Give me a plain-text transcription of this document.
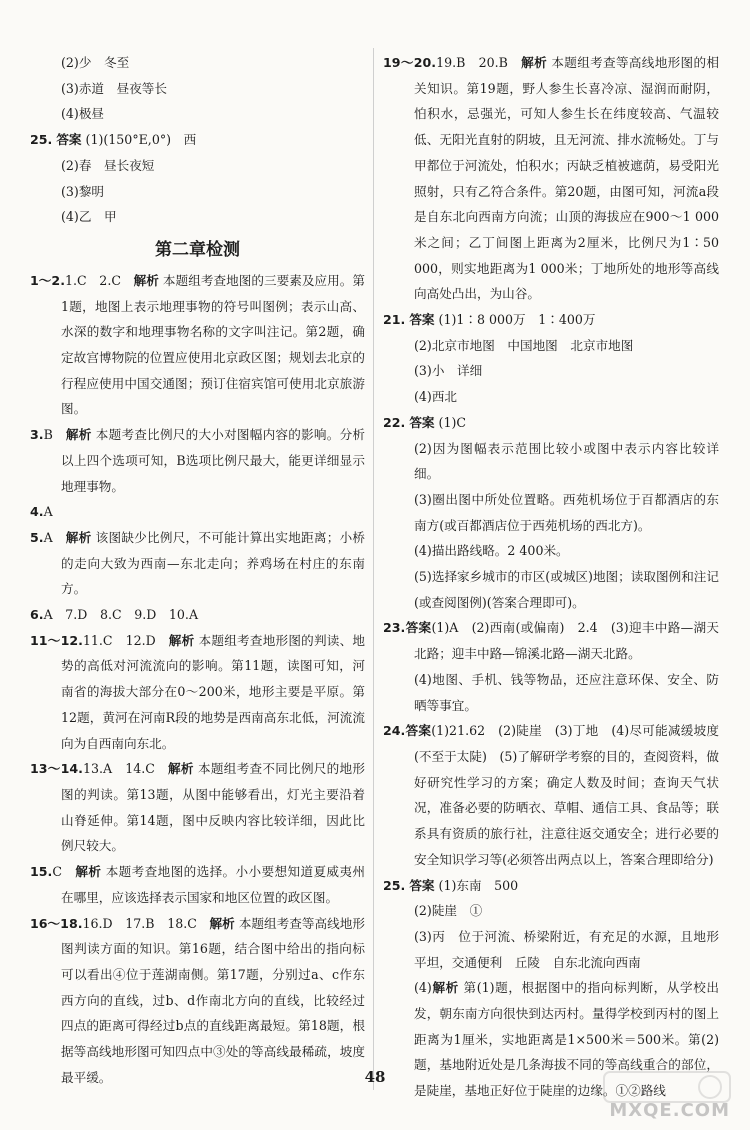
(2)少　冬至
(3)赤道　昼夜等长
(4)极昼
25. 答案 (1)(150°E,0°)　西
(2)春　昼长夜短
(3)黎明
(4)乙　甲
第二章检测
1～2.1.C　2.C　解析 本题组考查地图的三要素及应用。第1题，地图上表示地理事物的符号叫图例；表示山高、水深的数字和地理事物名称的文字叫注记。第2题，确定故宫博物院的位置应使用北京政区图；规划去北京的行程应使用中国交通图；预订住宿宾馆可使用北京旅游图。
3.B　解析 本题考查比例尺的大小对图幅内容的影响。分析以上四个选项可知，B选项比例尺最大，能更详细显示地理事物。
4.A
5.A　解析 该图缺少比例尺，不可能计算出实地距离；小桥的走向大致为西南—东北走向；养鸡场在村庄的东南方。
6.A　7.D　8.C　9.D　10.A
11～12.11.C　12.D　解析 本题组考查地形图的判读、地势的高低对河流流向的影响。第11题，读图可知，河南省的海拔大部分在0～200米，地形主要是平原。第12题，黄河在河南R段的地势是西南高东北低，河流流向为自西南向东北。
13～14.13.A　14.C　解析 本题组考查不同比例尺的地形图的判读。第13题，从图中能够看出，灯光主要沿着山脊延伸。第14题，图中反映内容比较详细，因此比例尺较大。
15.C　解析 本题考查地图的选择。小小要想知道夏威夷州在哪里，应该选择表示国家和地区位置的政区图。
16～18.16.D　17.B　18.C　解析 本题组考查等高线地形图判读方面的知识。第16题，结合图中给出的指向标可以看出④位于莲湖南侧。第17题，分别过a、c作东西方向的直线，过b、d作南北方向的直线，比较经过四点的距离可得经过b点的直线距离最短。第18题，根据等高线地形图可知四点中③处的等高线最稀疏，坡度最平缓。
19～20.19.B　20.B　解析 本题组考查等高线地形图的相关知识。第19题，野人参生长喜冷凉、湿润而耐阴，怕积水，忌强光，可知人参生长在纬度较高、气温较低、无阳光直射的阴坡，且无河流、排水流畅处。丁与甲都位于河流处，怕积水；丙缺乏植被遮荫，易受阳光照射，只有乙符合条件。第20题，由图可知，河流a段是自东北向西南方向流；山顶的海拔应在900～1 000米之间；乙丁间图上距离为2厘米，比例尺为1∶50 000，则实地距离为1 000米；丁地所处的地形等高线向高处凸出，为山谷。
21. 答案 (1)1∶8 000万　1∶400万
(2)北京市地图　中国地图　北京市地图
(3)小　详细
(4)西北
22. 答案 (1)C
(2)因为图幅表示范围比较小或图中表示内容比较详细。
(3)圈出图中所处位置略。西苑机场位于百都酒店的东南方(或百都酒店位于西苑机场的西北方)。
(4)描出路线略。2 400米。
(5)选择家乡城市的市区(或城区)地图；读取图例和注记(或查阅图例)(答案合理即可)。
23.答案(1)A　(2)西南(或偏南)　2.4　(3)迎丰中路—湖天北路；迎丰中路—锦溪北路—湖天北路。
(4)地图、手机、钱等物品，还应注意环保、安全、防晒等事宜。
24.答案(1)21.62　(2)陡崖　(3)丁地　(4)尽可能减缓坡度(不至于太陡)　(5)了解研学考察的目的，查阅资料，做好研究性学习的方案；确定人数及时间；查询天气状况，准备必要的防晒衣、草帽、通信工具、食品等；联系具有资质的旅行社，注意往返交通安全；进行必要的安全知识学习等(必须答出两点以上，答案合理即给分)
25. 答案 (1)东南　500
(2)陡崖　①
(3)丙　位于河流、桥梁附近，有充足的水源，且地形平坦，交通便利　丘陵　自东北流向西南
(4)解析 第(1)题，根据图中的指向标判断，从学校出发，朝东南方向很快到达丙村。量得学校到丙村的图上距离为1厘米，实地距离是1×500米＝500米。第(2)题，基地附近处是几条海拔不同的等高线重合的部位，是陡崖，基地正好位于陡崖的边缘。①②路线
48
MXQE.COM
